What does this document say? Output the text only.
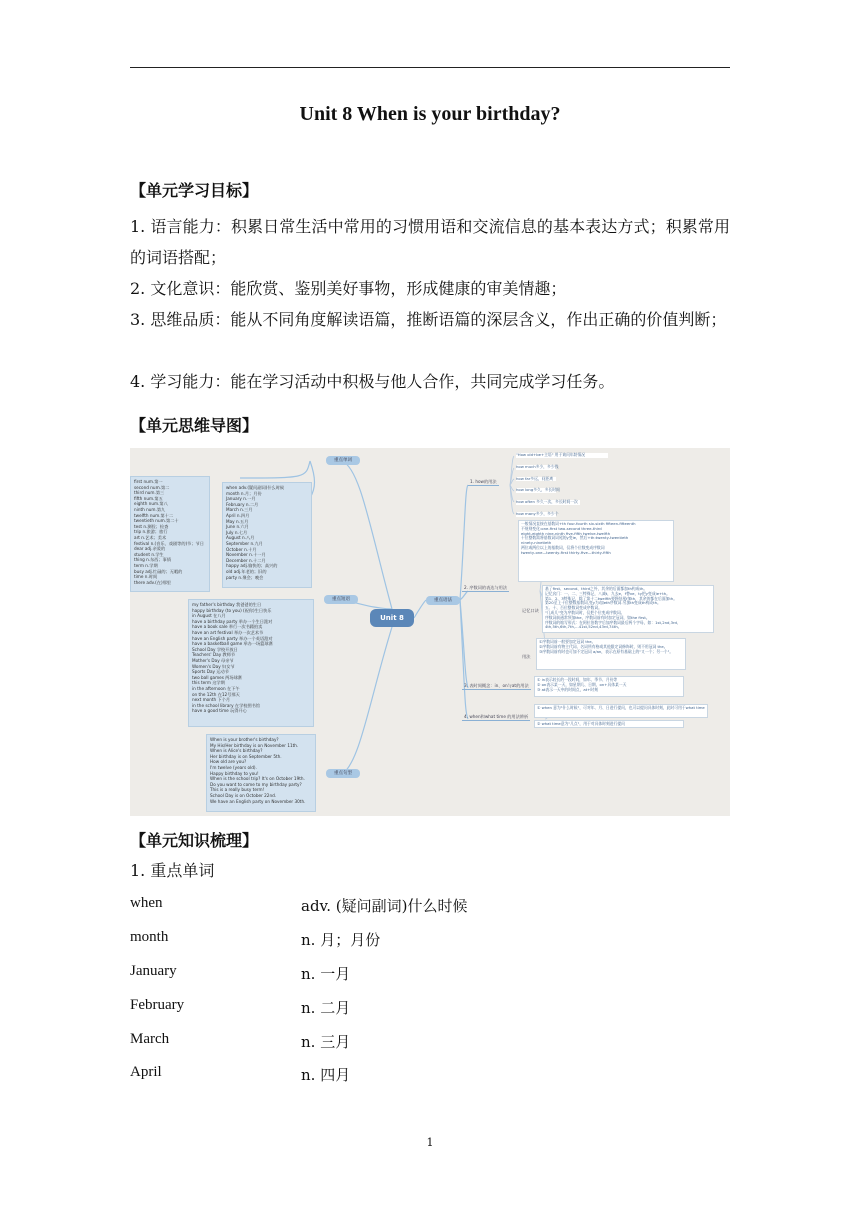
Unit 8 When is your birthday?
【单元学习目标】
1. 语言能力：积累日常生活中常用的习惯用语和交流信息的基本表达方式；积累常用的词语搭配；
2. 文化意识：能欣赏、鉴别美好事物，形成健康的审美情趣；
3. 思维品质：能从不同角度解读语篇，推断语篇的深层含义，作出正确的价值判断；
4. 学习能力：能在学习活动中积极与他人合作，共同完成学习任务。
【单元思维导图】
重点单词
重点短语
重点句型
重点语法
Unit 8
first num.第一
second num.第二
third num.第三
fifth num.第五
eighth num.第八
ninth num.第九
twelfth num.第十二
twentieth num.第二十
test n.测验；检查
trip n.旅游；旅行
art n.艺术；美术
festival n.(音乐、戏剧等的)节；节日
dear adj.亲爱的
student n.学生
thing n.东西；事情
term n.学期
busy adj.忙碌的；无暇的
time n.时间
there adv.(在)那里
when adv.(疑问副词)什么时候
month n.月；月份
January n.一月
February n.二月
March n.三月
April n.四月
May n.五月
June n.六月
July n.七月
August n.八月
September n.九月
October n.十月
November n.十一月
December n.十二月
happy adj.愉快的；高兴的
old adj.年老的；旧的
party n.聚会；晚会
my father's birthday 我爸爸的生日
happy birthday (to you) (祝你)生日快乐
in August 在八月
have a birthday party 举办一个生日派对
have a book sale 举行一次书籍拍卖
have an art festival 举办一次艺术节
have an English party 举办一个英语派对
have a basketball game 举办一场篮球赛
School Day 学校开放日
Teachers' Day 教师节
Mother's Day 母亲节
Women's Day 妇女节
Sports Day 运动节
two ball games 两场球赛
this term 这学期
in the afternoon 在下午
on the 12th 在12号那天
next month 下个月
in the school library 在学校图书馆
have a good time 玩得开心
When is your brother's birthday?
My His/Her birthday is on November 11th.
When is Alice's birthday?
Her birthday is on September 5th.
How old are you?
I'm twelve (years old).
Happy birthday to you!
When is the school trip? It's on October 19th.
Do you want to come to my birthday party?
This is a really busy term!
School Day is on October 22nd.
We have an English party on November 30th.
1. how的用法
2. 序数词的表达与用法
3. 表时间概念：in、on与at的用法
4. when和what time 的用法辨析
"How old+be+主语" 用于询问年龄情况
how much多少，多少钱
how far多远，问距离
how long多久，多长时间
how often 多久一次，多长时间一次
how many多少，多少个
一般情况直接在基数词+th four-fourth six-sixth fifteen-fifteenth
不规则变化:one-first two-second three-third
eight-eighth nine-ninth five-fifth twelve-twelfth
十位整数需将基数词词尾的y变ie，然后+th:twenty-twentieth
ninety-ninetieth
两位或两位以上的基数词，仅将个位数变成序数词
twenty-one—twenty-first thirty-five—thirty-fifth
记忆口诀
基了first、second、third之外，其余的后面都加th构成th。
记忆窍门：一、二、三特殊记，八减t，九去e，f替ve，ty把y变成ie+th。
第1、2、3特殊记，除了第十二twelfth要将结尾f加th，其余的都在后面加th。
第20至上十位整数基数词,变y为i加eth序数词.另加th变成th构成th。
五、十、百位整数词变成序数词。
"几成几"变为序数词时，仅把个位变成序数词。
序数词前通常须加the，序数词前有时加定冠词，如the first。
序数词的缩写形式：在阿拉伯数字后加序数词最后两个字母，如：1st,2nd,3rd,
4th,5th,6th,7th,...41st,52nd,43rd,74th。
用法
①序数词前一般要加定冠词 the。
②序数词前有物主代词、名词所有格或其他限定词修饰时，则不用冠词 the。
③序数词前有时也可加不定冠词 a/an，表示在原有基础上的"又一个；另一个"。
① in表示较长的一段时间，如年、季节、月份等
② on表示某一天，如星期几、日期，on+具体某一天
③ at表示一天中的时间点，at+时刻
① when 意为"什么时候"，可对年、月、日进行提问，也可以提问具体时刻，此时可用于what time
② what time意为"几点"，用于对具体时刻进行提问
【单元知识梳理】
1. 重点单词
when	adv. (疑问副词)什么时候
month	n. 月；月份
January	n. 一月
February	n. 二月
March	n. 三月
April	n. 四月
1
